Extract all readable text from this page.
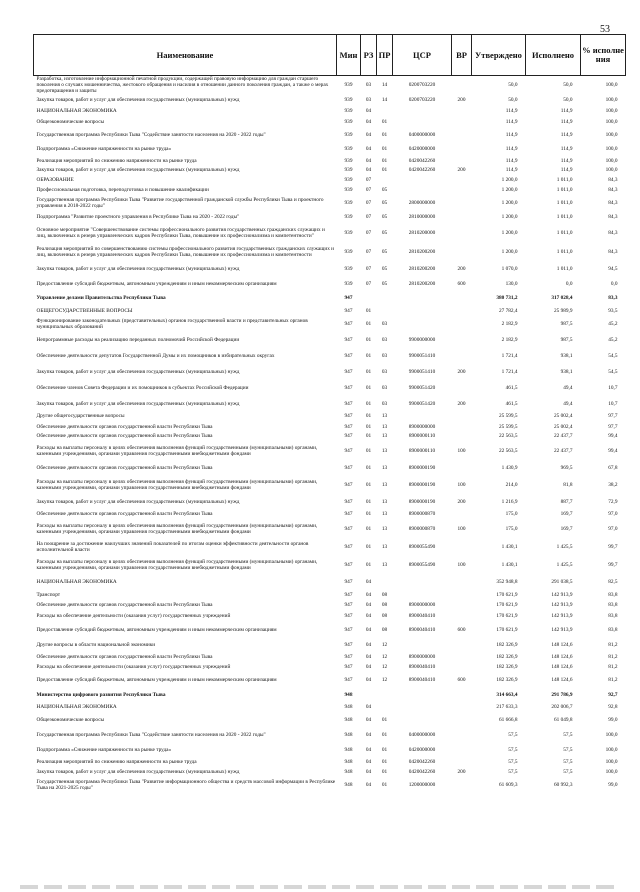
53
Наименование	Мин	РЗ	ПР	ЦСР	ВР	Утверждено	Исполнено	% исполне ния
Разработка, изготовление информационной печатной продукции, содержащей правовую информацию для граждан старшего поколения о случаях мошенничества, жестокого обращения и насилия в отношении данного поколения граждан, а также о мерах предотвращения и защиты	939	03	14	0200703220		50,0	50,0	100,0
Закупка товаров, работ и услуг для обеспечения государственных (муниципальных) нужд	939	03	14	0200703220	200	50,0	50,0	100,0
НАЦИОНАЛЬНАЯ ЭКОНОМИКА	939	04				114,9	114,9	100,0
Общеэкономические вопросы	939	04	01			114,9	114,9	100,0
Государственная программа Республики Тыва "Содействие занятости населения на 2020 - 2022 годы"	939	04	01	0400000000		114,9	114,9	100,0
Подпрограмма «Снижение напряженности на рынке труда»	939	04	01	0420000000		114,9	114,9	100,0
Реализация мероприятий по снижению напряженности на рынке труда	939	04	01	0420042260		114,9	114,9	100,0
Закупка товаров, работ и услуг для обеспечения государственных (муниципальных) нужд	939	04	01	0420042260	200	114,9	114,9	100,0
ОБРАЗОВАНИЕ	939	07				1 200,0	1 011,0	84,3
Профессиональная подготовка, переподготовка и повышение квалификации	939	07	05			1 200,0	1 011,0	84,3
Государственная программа Республики Тыва "Развитие государственной гражданской службы Республики Тыва и проектного управления в 2018-2022 годы"	939	07	05	2800000000		1 200,0	1 011,0	84,3
Подпрограмма "Развитие проектного управления в Республике Тыва на 2020 - 2022 годы"	939	07	05	2810000000		1 200,0	1 011,0	84,3
Основное мероприятие "Совершенствование системы профессионального развития государственных гражданских служащих и лиц, включенных в резерв управленческих кадров Республики Тыва, повышение их профессионализма и компетентности"	939	07	05	2810200000		1 200,0	1 011,0	84,3
Реализация мероприятий по совершенствованию системы профессионального развития государственных гражданских служащих и лиц, включенных в резерв управленческих кадров Республики Тыва, повышение их профессионализма и компетентности	939	07	05	2810200200		1 200,0	1 011,0	84,3
Закупка товаров, работ и услуг для обеспечения государственных (муниципальных) нужд	939	07	05	2810200200	200	1 070,0	1 011,0	94,5
Предоставление субсидий бюджетным, автономным учреждениям и иным некоммерческим организациям	939	07	05	2810200200	600	130,0	0,0	0,0
Управление делами Правительства Республики Тыва	947					380 731,2	317 028,4	83,3
ОБЩЕГОСУДАРСТВЕННЫЕ ВОПРОСЫ	947	01				27 782,4	25 989,9	93,5
Функционирование законодательных (представительных) органов государственной власти и представительных органов муниципальных образований	947	01	03			2 182,9	987,5	45,2
Непрограммные расходы на реализацию переданных полномочий Российской Федерации	947	01	03	9900000000		2 182,9	987,5	45,2
Обеспечение деятельности депутатов Государственной Думы и их помощников в избирательных округах	947	01	03	9900051410		1 721,4	938,1	54,5
Закупка товаров, работ и услуг для обеспечения государственных (муниципальных) нужд	947	01	03	9900051410	200	1 721,4	938,1	54,5
Обеспечение членов Совета Федерации и их помощников в субъектах Российской Федерации	947	01	03	9900051420		461,5	49,4	10,7
Закупка товаров, работ и услуг для обеспечения государственных (муниципальных) нужд	947	01	03	9900051420	200	461,5	49,4	10,7
Другие общегосударственные вопросы	947	01	13			25 599,5	25 002,4	97,7
Обеспечение деятельности органов государственной власти Республики Тыва	947	01	13	8900000000		25 599,5	25 002,4	97,7
Обеспечение деятельности органов государственной власти Республики Тыва	947	01	13	8900000110		22 563,5	22 437,7	99,4
Расходы на выплаты персоналу в целях обеспечения выполнения функций государственными (муниципальными) органами, казенными учреждениями, органами управления государственными внебюджетными фондами	947	01	13	8900000110	100	22 563,5	22 437,7	99,4
Обеспечение деятельности органов государственной власти Республики Тыва	947	01	13	8900000190		1 430,9	969,5	67,8
Расходы на выплаты персоналу в целях обеспечения выполнения функций государственными (муниципальными) органами, казенными учреждениями, органами управления государственными внебюджетными фондами	947	01	13	8900000190	100	214,0	81,8	38,2
Закупка товаров, работ и услуг для обеспечения государственных (муниципальных) нужд	947	01	13	8900000190	200	1 216,9	887,7	72,9
Обеспечение деятельности органов государственной власти Республики Тыва	947	01	13	8900000870		175,0	169,7	97,0
Расходы на выплаты персоналу в целях обеспечения выполнения функций государственными (муниципальными) органами, казенными учреждениями, органами управления государственными внебюджетными фондами	947	01	13	8900000870	100	175,0	169,7	97,0
На поощрение за достижение наилучших значений показателей по итогам оценки эффективности деятельности органов исполнительной власти	947	01	13	8900055490		1 430,1	1 425,5	99,7
Расходы на выплаты персоналу в целях обеспечения выполнения функций государственными (муниципальными) органами, казенными учреждениями, органами управления государственными внебюджетными фондами	947	01	13	8900055490	100	1 430,1	1 425,5	99,7
НАЦИОНАЛЬНАЯ ЭКОНОМИКА	947	04				352 948,8	291 038,5	82,5
Транспорт	947	04	08			170 621,9	142 913,9	83,8
Обеспечение деятельности органов государственной власти Республики Тыва	947	04	08	8900000000		170 621,9	142 913,9	83,8
Расходы на обеспечение деятельности (оказания услуг) государственных учреждений	947	04	08	8900040410		170 621,9	142 913,9	83,8
Предоставление субсидий бюджетным, автономным учреждениям и иным некоммерческим организациям	947	04	08	8900040410	600	170 621,9	142 913,9	83,8
Другие вопросы в области национальной экономики	947	04	12			182 326,9	148 124,6	81,2
Обеспечение деятельности органов государственной власти Республики Тыва	947	04	12	8900000000		182 326,9	148 124,6	81,2
Расходы на обеспечение деятельности (оказания услуг) государственных учреждений	947	04	12	8900040410		182 326,9	148 124,6	81,2
Предоставление субсидий бюджетным, автономным учреждениям и иным некоммерческим организациям	947	04	12	8900040410	600	182 326,9	148 124,6	81,2
Министерство цифрового развития Республики Тыва	948					314 663,4	291 786,9	92,7
НАЦИОНАЛЬНАЯ ЭКОНОМИКА	948	04				217 633,3	202 006,7	92,8
Общеэкономические вопросы	948	04	01			61 666,8	61 049,8	99,0
Государственная программа Республики Тыва "Содействие занятости населения на 2020 - 2022 годы"	948	04	01	0400000000		57,5	57,5	100,0
Подпрограмма «Снижение напряженности на рынке труда»	948	04	01	0420000000		57,5	57,5	100,0
Реализация мероприятий по снижению напряженности на рынке труда	948	04	01	0420042260		57,5	57,5	100,0
Закупка товаров, работ и услуг для обеспечения государственных (муниципальных) нужд	948	04	01	0420042260	200	57,5	57,5	100,0
Государственная программа Республики Тыва "Развитие информационного общества и средств массовой информации в Республике Тыва на 2021-2025 годы"	948	04	01	1200000000		61 609,3	60 992,3	99,0
